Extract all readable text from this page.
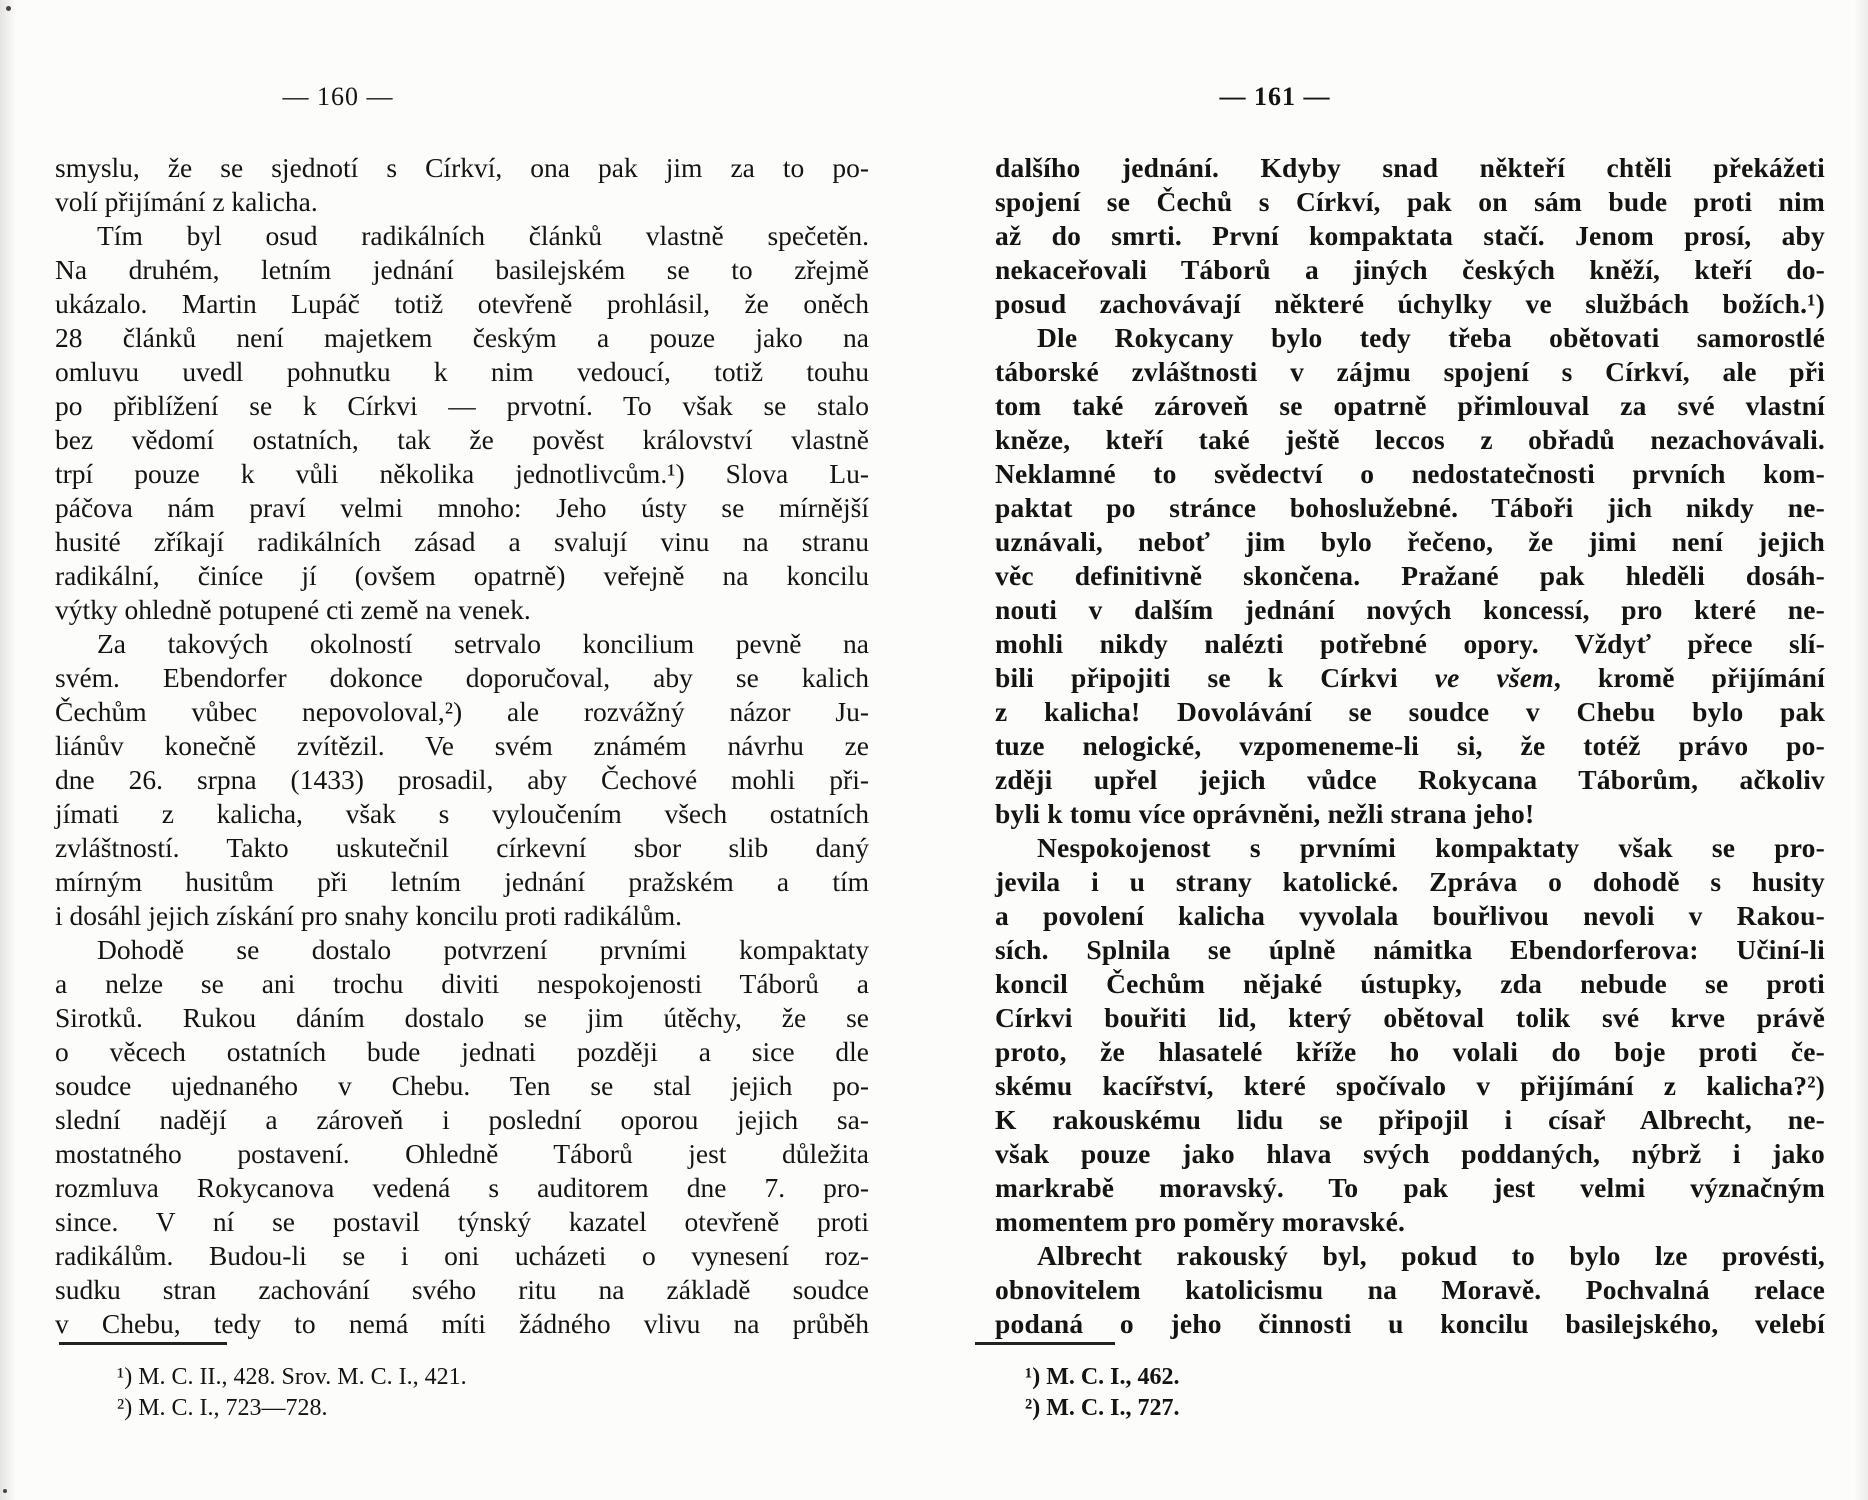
— 160 —
smyslu, že se sjednotí s Církví, ona pak jim za to po-
volí přijímání z kalicha.
Tím byl osud radikálních článků vlastně spečetěn.
Na druhém, letním jednání basilejském se to zřejmě
ukázalo. Martin Lupáč totiž otevřeně prohlásil, že oněch
28 článků není majetkem českým a pouze jako na
omluvu uvedl pohnutku k nim vedoucí, totiž touhu
po přiblížení se k Církvi — prvotní. To však se stalo
bez vědomí ostatních, tak že pověst království vlastně
trpí pouze k vůli několika jednotlivcům.¹) Slova Lu-
páčova nám praví velmi mnoho: Jeho ústy se mírnější
husité zříkají radikálních zásad a svalují vinu na stranu
radikální, činíce jí (ovšem opatrně) veřejně na koncilu
výtky ohledně potupené cti země na venek.
Za takových okolností setrvalo koncilium pevně na
svém. Ebendorfer dokonce doporučoval, aby se kalich
Čechům vůbec nepovoloval,²) ale rozvážný názor Ju-
liánův konečně zvítězil. Ve svém známém návrhu ze
dne 26. srpna (1433) prosadil, aby Čechové mohli při-
jímati z kalicha, však s vyloučením všech ostatních
zvláštností. Takto uskutečnil církevní sbor slib daný
mírným husitům při letním jednání pražském a tím
i dosáhl jejich získání pro snahy koncilu proti radikálům.
Dohodě se dostalo potvrzení prvními kompaktaty
a nelze se ani trochu diviti nespokojenosti Táborů a
Sirotků. Rukou dáním dostalo se jim útěchy, že se
o věcech ostatních bude jednati později a sice dle
soudce ujednaného v Chebu. Ten se stal jejich po-
slední nadějí a zároveň i poslední oporou jejich sa-
mostatného postavení. Ohledně Táborů jest důležita
rozmluva Rokycanova vedená s auditorem dne 7. pro-
since. V ní se postavil týnský kazatel otevřeně proti
radikálům. Budou-li se i oni ucházeti o vynesení roz-
sudku stran zachování svého ritu na základě soudce
v Chebu, tedy to nemá míti žádného vlivu na průběh
¹) M. C. II., 428. Srov. M. C. I., 421.
²) M. C. I., 723—728.
— 161 —
dalšího jednání. Kdyby snad někteří chtěli překážeti
spojení se Čechů s Církví, pak on sám bude proti nim
až do smrti. První kompaktata stačí. Jenom prosí, aby
nekaceřovali Táborů a jiných českých kněží, kteří do-
posud zachovávají některé úchylky ve službách božích.¹)
Dle Rokycany bylo tedy třeba obětovati samorostlé
táborské zvláštnosti v zájmu spojení s Církví, ale při
tom také zároveň se opatrně přimlouval za své vlastní
kněze, kteří také ještě leccos z obřadů nezachovávali.
Neklamné to svědectví o nedostatečnosti prvních kom-
paktat po stránce bohoslužebné. Táboři jich nikdy ne-
uznávali, neboť jim bylo řečeno, že jimi není jejich
věc definitivně skončena. Pražané pak hleděli dosáh-
nouti v dalším jednání nových koncessí, pro které ne-
mohli nikdy nalézti potřebné opory. Vždyť přece slí-
bili připojiti se k Církvi ve všem, kromě přijímání
z kalicha! Dovolávání se soudce v Chebu bylo pak
tuze nelogické, vzpomeneme-li si, že totéž právo po-
zději upřel jejich vůdce Rokycana Táborům, ačkoliv
byli k tomu více oprávněni, nežli strana jeho!
Nespokojenost s prvními kompaktaty však se pro-
jevila i u strany katolické. Zpráva o dohodě s husity
a povolení kalicha vyvolala bouřlivou nevoli v Rakou-
sích. Splnila se úplně námitka Ebendorferova: Učiní-li
koncil Čechům nějaké ústupky, zda nebude se proti
Církvi bouřiti lid, který obětoval tolik své krve právě
proto, že hlasatelé kříže ho volali do boje proti če-
skému kacířství, které spočívalo v přijímání z kalicha?²)
K rakouskému lidu se připojil i císař Albrecht, ne-
však pouze jako hlava svých poddaných, nýbrž i jako
markrabě moravský. To pak jest velmi význačným
momentem pro poměry moravské.
Albrecht rakouský byl, pokud to bylo lze provésti,
obnovitelem katolicismu na Moravě. Pochvalná relace
podaná o jeho činnosti u koncilu basilejského, velebí
¹) M. C. I., 462.
²) M. C. I., 727.
